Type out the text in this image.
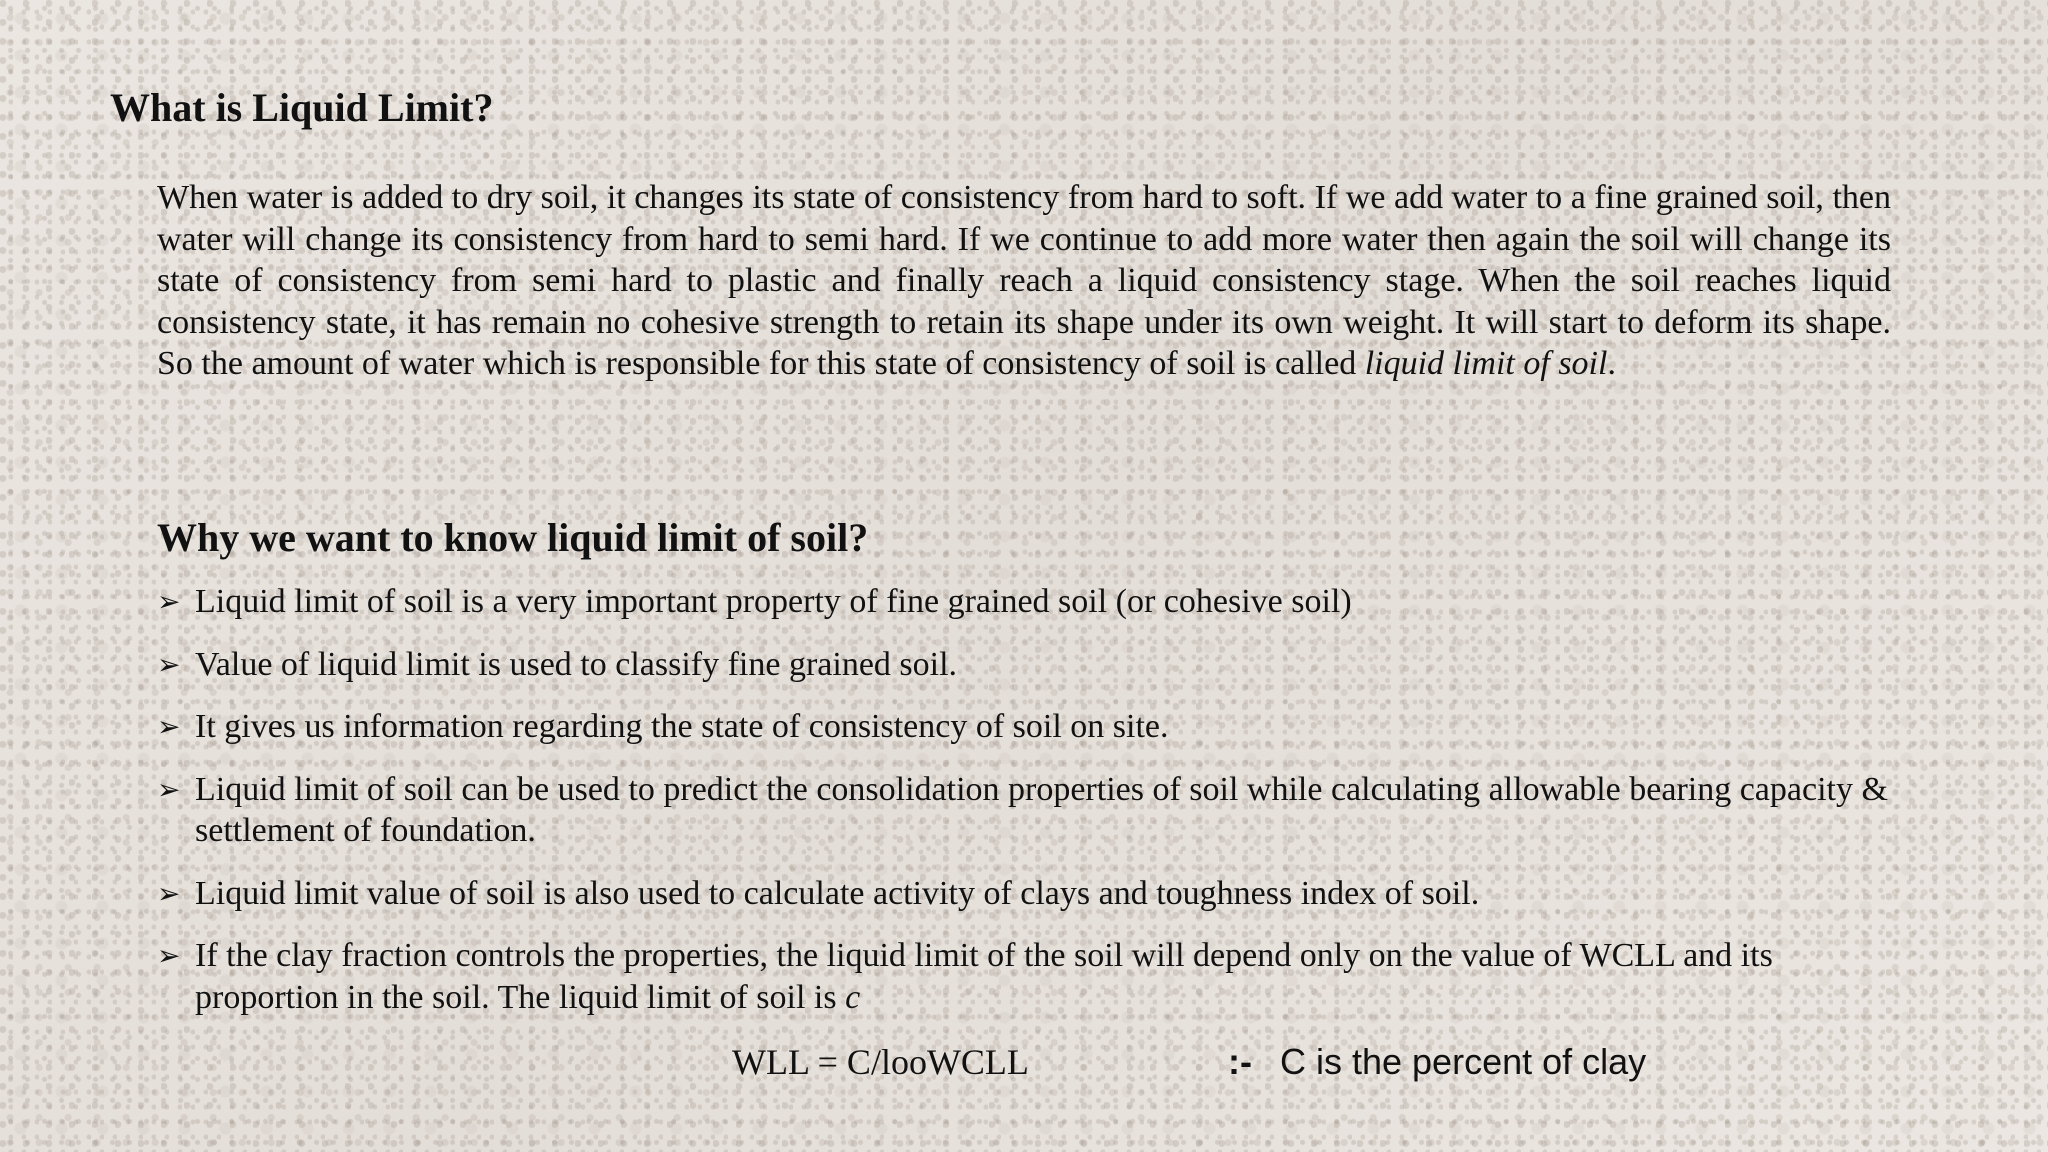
What is Liquid Limit?

When water is added to dry soil, it changes its state of consistency from hard to soft. If we add water to a fine grained soil, then water will change its consistency from hard to semi hard. If we continue to add more water then again the soil will change its state of consistency from semi hard to plastic and finally reach a liquid consistency stage. When the soil reaches liquid consistency state, it has remain no cohesive strength to retain its shape under its own weight. It will start to deform its shape. So the amount of water which is responsible for this state of consistency of soil is called liquid limit of soil.

Why we want to know liquid limit of soil?
➢ Liquid limit of soil is a very important property of fine grained soil (or cohesive soil)
➢ Value of liquid limit is used to classify fine grained soil.
➢ It gives us information regarding the state of consistency of soil on site.
➢ Liquid limit of soil can be used to predict the consolidation properties of soil while calculating allowable bearing capacity & settlement of foundation.
➢ Liquid limit value of soil is also used to calculate activity of clays and toughness index of soil.
➢ If the clay fraction controls the properties, the liquid limit of the soil will depend only on the value of WCLL and its proportion in the soil. The liquid limit of soil is c

WLL = C/looWCLL	:- C is the percent of clay
